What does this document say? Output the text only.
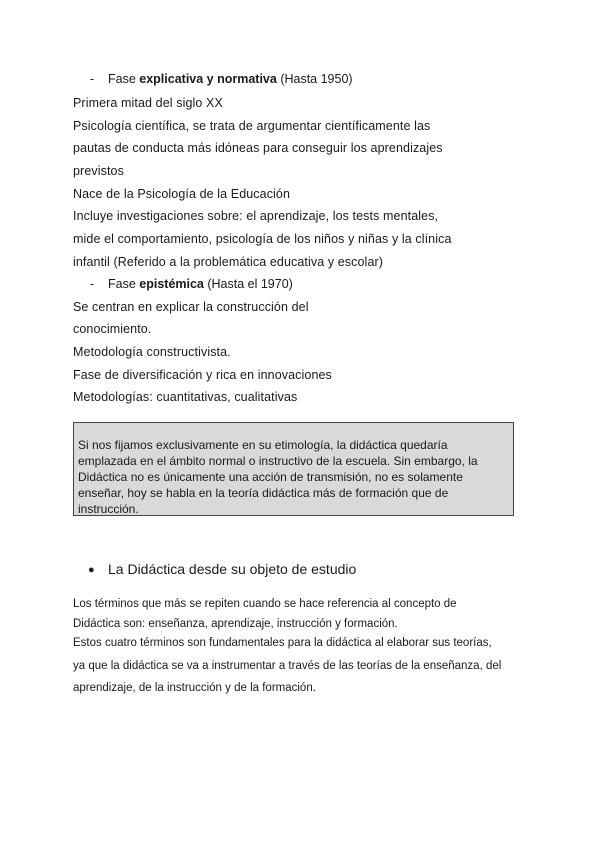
- Fase explicativa y normativa (Hasta 1950)
Primera mitad del siglo XX
Psicología científica, se trata de argumentar científicamente las
pautas de conducta más idóneas para conseguir los aprendizajes
previstos
Nace de la Psicología de la Educación
Incluye investigaciones sobre: el aprendizaje, los tests mentales,
mide el comportamiento, psicología de los niños y niñas y la clínica
infantil (Referido a la problemática educativa y escolar)
- Fase epistémica (Hasta el 1970)
Se centran en explicar la construcción del
conocimiento.
Metodología constructivista.
Fase de diversificación y rica en innovaciones
Metodologías: cuantitativas, cualitativas
Si nos fijamos exclusivamente en su etimología, la didáctica quedaría
emplazada en el ámbito normal o instructivo de la escuela. Sin embargo, la
Didáctica no es únicamente una acción de transmisión, no es solamente
enseñar, hoy se habla en la teoría didáctica más de formación que de
instrucción.
● La Didáctica desde su objeto de estudio
Los términos que más se repiten cuando se hace referencia al concepto de
Didáctica son: enseñanza, aprendizaje, instrucción y formación.
Estos cuatro términos son fundamentales para la didáctica al elaborar sus teorías,
ya que la didáctica se va a instrumentar a través de las teorías de la enseñanza, del
aprendizaje, de la instrucción y de la formación.
